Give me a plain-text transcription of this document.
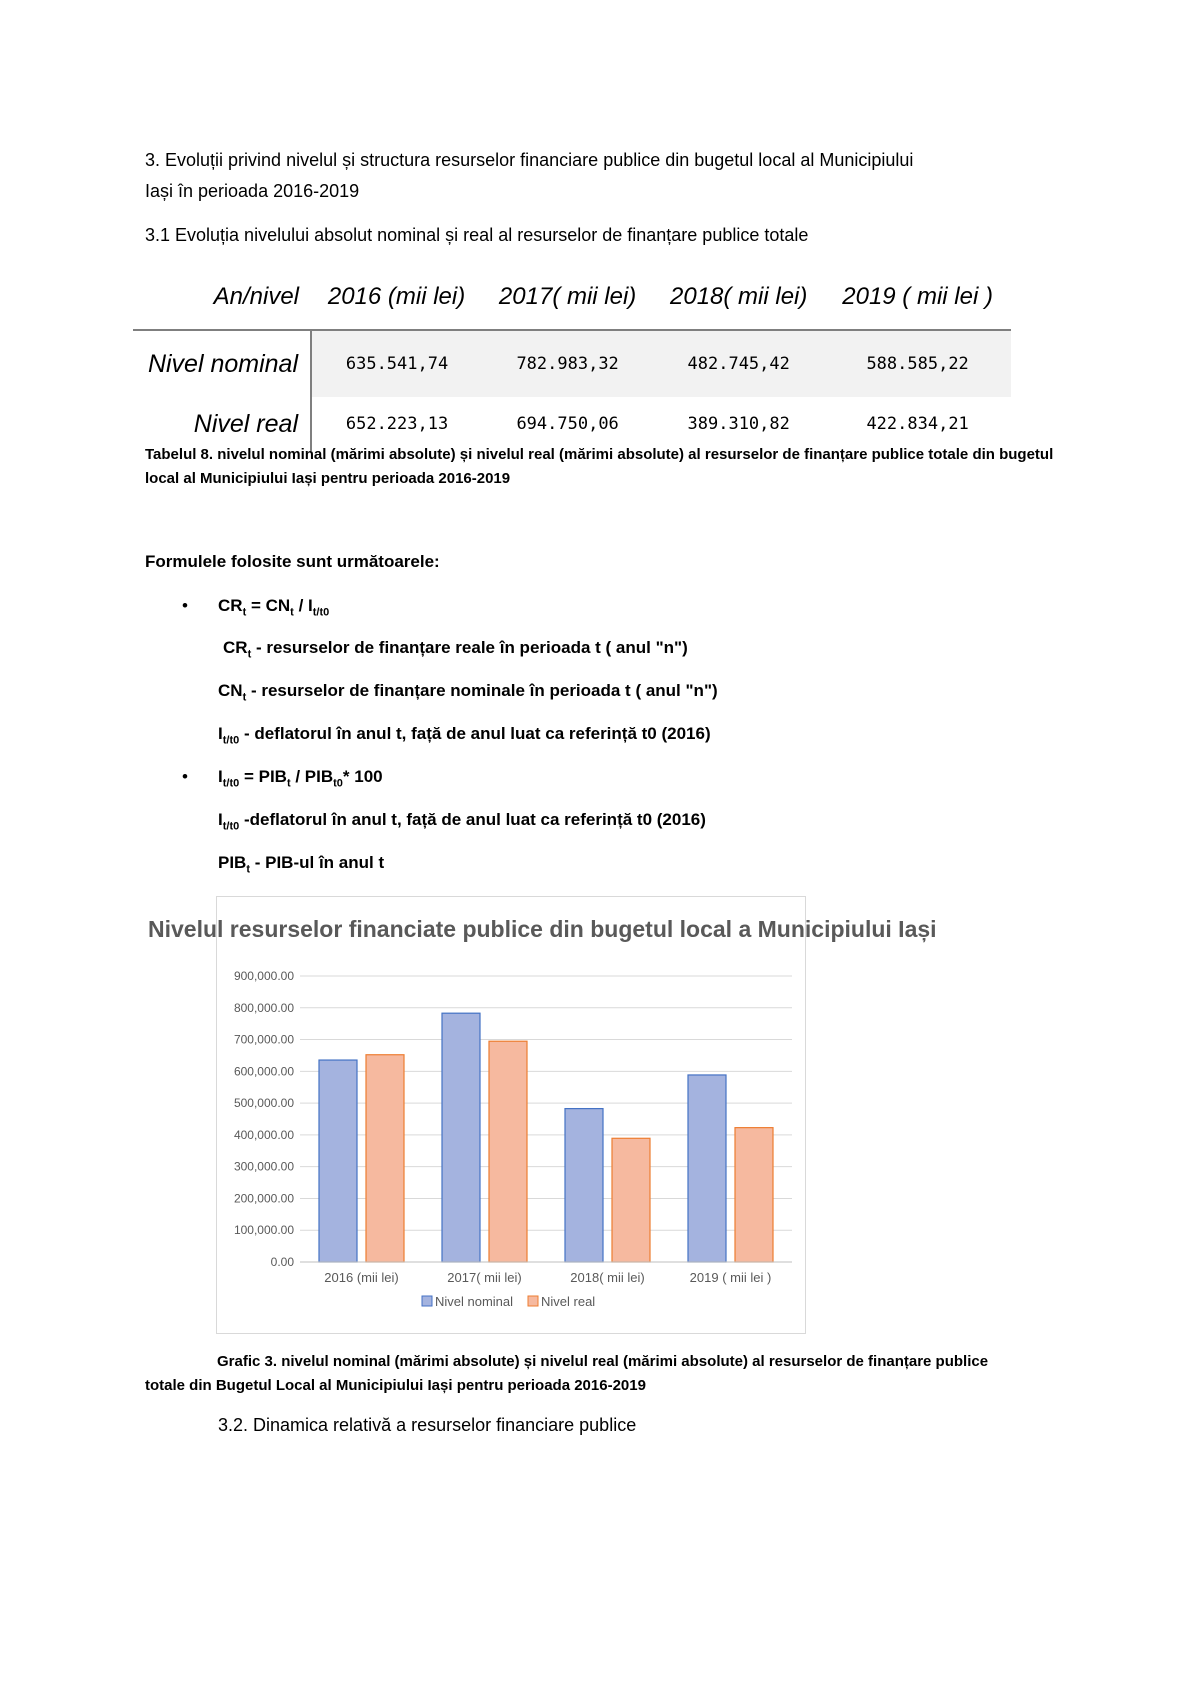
3. Evoluții privind nivelul și structura resurselor financiare publice din bugetul local al Municipiului
Iași în perioada 2016-2019
3.1 Evoluția nivelului absolut nominal și real al resurselor de finanțare publice totale
An/nivel	2016 (mii lei)	2017( mii lei)	2018( mii lei)	2019 ( mii lei )
Nivel nominal	635.541,74	782.983,32	482.745,42	588.585,22
Nivel real	652.223,13	694.750,06	389.310,82	422.834,21
Tabelul 8. nivelul nominal (mărimi absolute) și nivelul real (mărimi absolute) al resurselor de finanțare publice totale din bugetul local al Municipiului Iași pentru perioada 2016-2019
Formulele folosite sunt următoarele:
• $CR_t = CN_t / I_{t/t0}$
$CR_t$ - resurselor de finanțare reale în perioada t ( anul "n")
$CN_t$ - resurselor de finanțare nominale în perioada t ( anul "n")
$I_{t/t0}$ - deflatorul în anul t, față de anul luat ca referință t0 (2016)
• $I_{t/t0} = PIB_t / PIB_{t0}*$ 100
$I_{t/t0}$ -deflatorul în anul t, față de anul luat ca referință t0 (2016)
$PIB_t - PIB-ul$ în anul t
Nivelul resurselor financiate publice din bugetul local a Municipiului Iași
0.00
100,000.00
200,000.00
300,000.00
400,000.00
500,000.00
600,000.00
700,000.00
800,000.00
900,000.00
2016 (mii lei)	2017( mii lei)	2018( mii lei)	2019 ( mii lei )
Nivel nominal Nivel real
Grafic 3. nivelul nominal (mărimi absolute) și nivelul real (mărimi absolute) al resurselor de finanțare publice
totale din Bugetul Local al Municipiului Iași pentru perioada 2016-2019
3.2. Dinamica relativă a resurselor financiare publice
